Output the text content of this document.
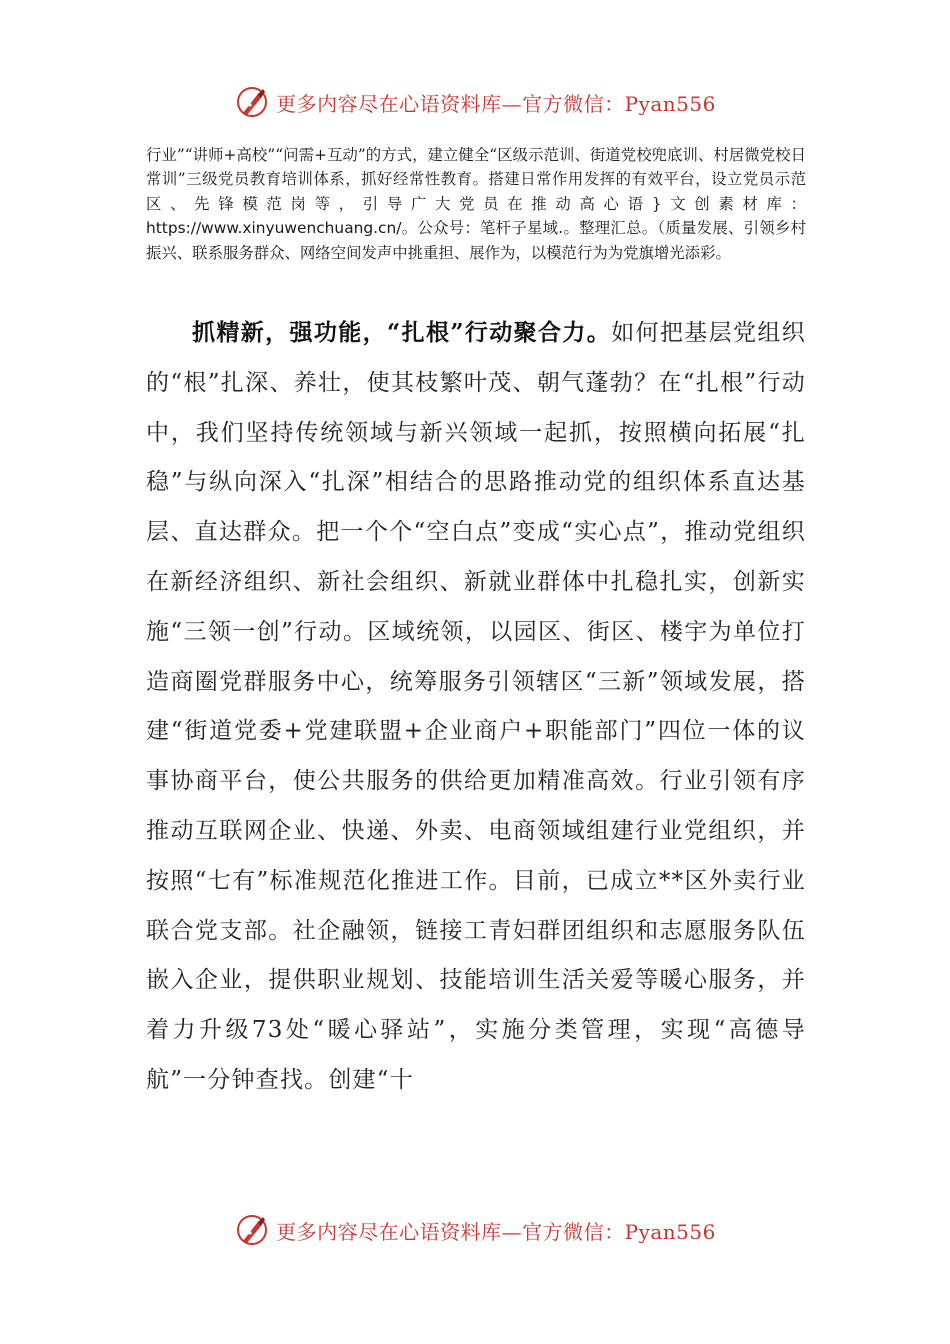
更多内容尽在心语资料库—官方微信：Pyan556

行业”“讲师+高校”“问需+互动”的方式，建立健全“区级示范训、街道党校兜底训、村居微党校日常训”三级党员教育培训体系，抓好经常性教育。搭建日常作用发挥的有效平台，设立党员示范区、先锋模范岗等，引导广大党员在推动高心语}文创素材库：https://www.xinyuwenchuang.cn/。公众号：笔杆子星域.。整理汇总。（质量发展、引领乡村振兴、联系服务群众、网络空间发声中挑重担、展作为，以模范行为为党旗增光添彩。

抓精新，强功能，“扎根”行动聚合力。如何把基层党组织的“根”扎深、养壮，使其枝繁叶茂、朝气蓬勃？在“扎根”行动中，我们坚持传统领域与新兴领域一起抓，按照横向拓展“扎稳”与纵向深入“扎深”相结合的思路推动党的组织体系直达基层、直达群众。把一个个“空白点”变成“实心点”，推动党组织在新经济组织、新社会组织、新就业群体中扎稳扎实，创新实施“三领一创”行动。区域统领，以园区、街区、楼宇为单位打造商圈党群服务中心，统筹服务引领辖区“三新”领域发展，搭建“街道党委+党建联盟+企业商户+职能部门”四位一体的议事协商平台，使公共服务的供给更加精准高效。行业引领有序推动互联网企业、快递、外卖、电商领域组建行业党组织，并按照“七有”标准规范化推进工作。目前，已成立**区外卖行业联合党支部。社企融领，链接工青妇群团组织和志愿服务队伍嵌入企业，提供职业规划、技能培训生活关爱等暖心服务，并着力升级73处“暖心驿站”，实施分类管理，实现“高德导航”一分钟查找。创建“十

更多内容尽在心语资料库—官方微信：Pyan556
